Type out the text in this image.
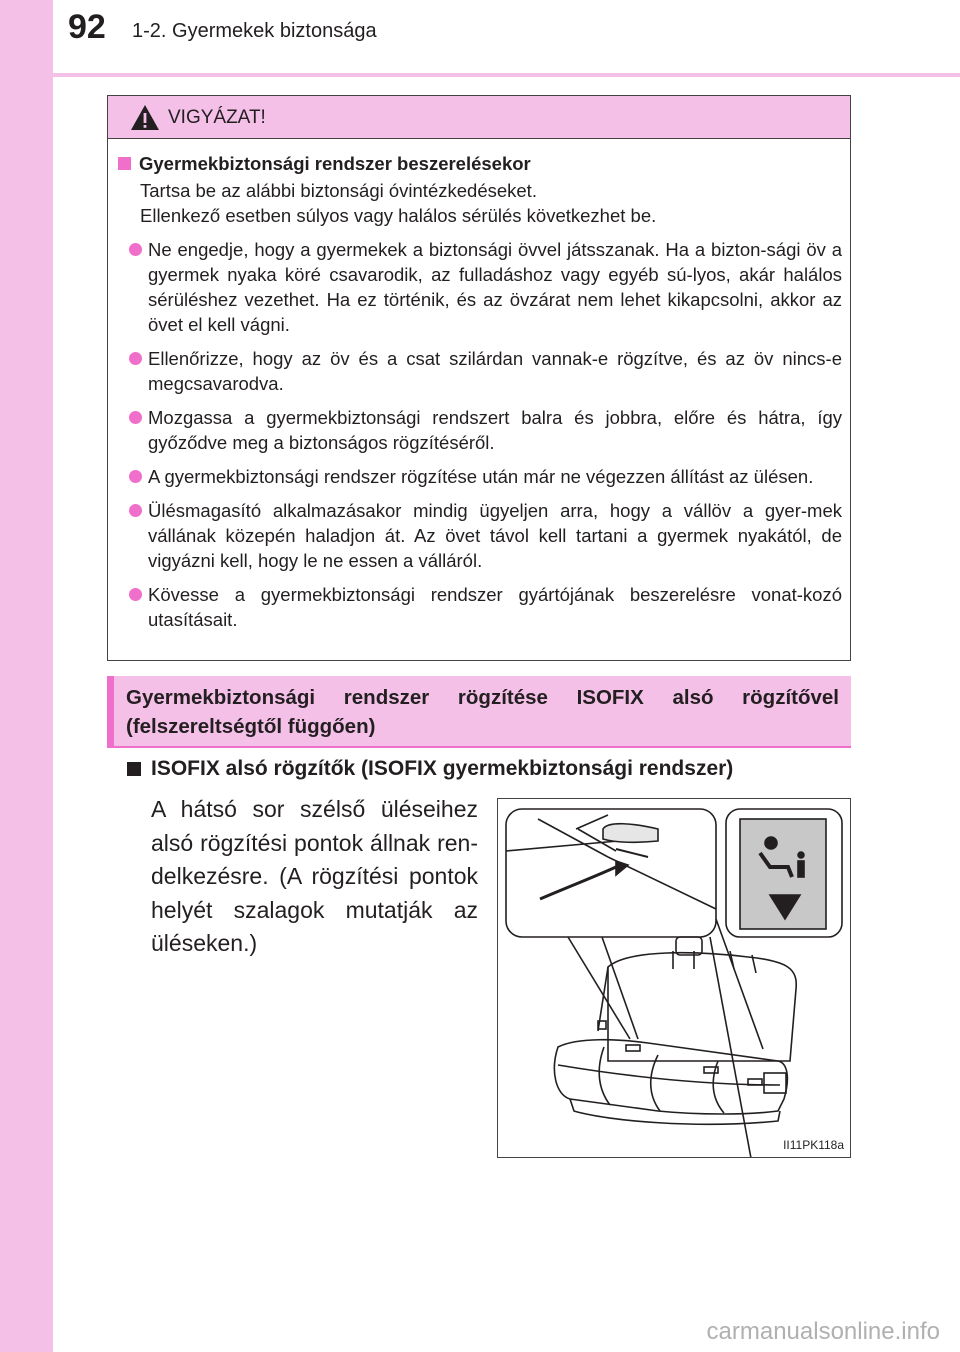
92 1-2. Gyermekek biztonsága
VIGYÁZAT!
Gyermekbiztonsági rendszer beszerelésekor
Tartsa be az alábbi biztonsági óvintézkedéseket.
Ellenkező esetben súlyos vagy halálos sérülés következhet be.
Ne engedje, hogy a gyermekek a biztonsági övvel játsszanak. Ha a bizton-sági öv a gyermek nyaka köré csavarodik, az fulladáshoz vagy egyéb sú-lyos, akár halálos sérüléshez vezethet. Ha ez történik, és az övzárat nem lehet kikapcsolni, akkor az övet el kell vágni.
Ellenőrizze, hogy az öv és a csat szilárdan vannak-e rögzítve, és az öv nincs-e megcsavarodva.
Mozgassa a gyermekbiztonsági rendszert balra és jobbra, előre és hátra, így győződve meg a biztonságos rögzítéséről.
A gyermekbiztonsági rendszer rögzítése után már ne végezzen állítást az ülésen.
Ülésmagasító alkalmazásakor mindig ügyeljen arra, hogy a vállöv a gyer-mek vállának közepén haladjon át. Az övet távol kell tartani a gyermek nyakától, de vigyázni kell, hogy le ne essen a válláról.
Kövesse a gyermekbiztonsági rendszer gyártójának beszerelésre vonat-kozó utasításait.
Gyermekbiztonsági rendszer rögzítése ISOFIX alsó rögzítővel (felszereltségtől függően)
ISOFIX alsó rögzítők (ISOFIX gyermekbiztonsági rendszer)
A hátsó sor szélső üléseihez alsó rögzítési pontok állnak ren-delkezésre. (A rögzítési pontok helyét szalagok mutatják az üléseken.)
II11PK118a
carmanualsonline.info
